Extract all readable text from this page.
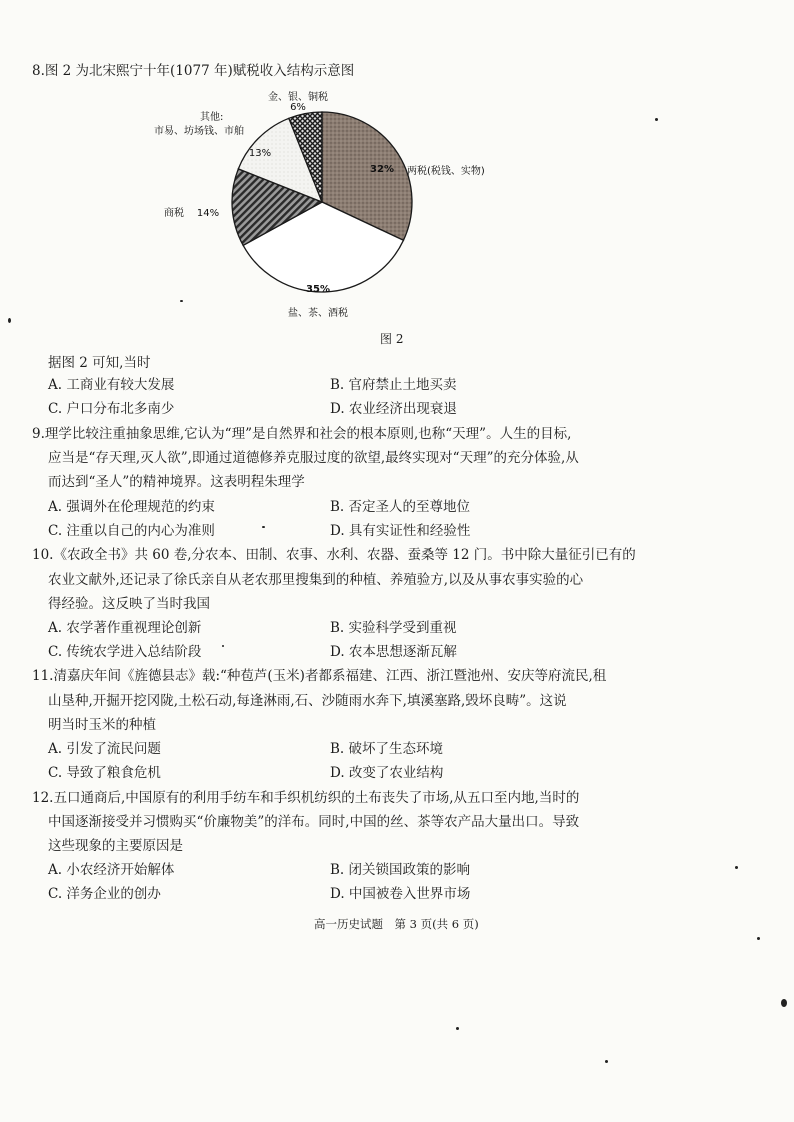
8.图 2 为北宋熙宁十年(1077 年)赋税收入结构示意图
32%
35%
14%
13%
6%
两税(税钱、实物)
盐、茶、酒税
商税
其他:
市易、坊场钱、市舶
金、银、铜税
图 2
据图 2 可知,当时
A. 工商业有较大发展	B. 官府禁止土地买卖
C. 户口分布北多南少	D. 农业经济出现衰退
9.理学比较注重抽象思维,它认为“理”是自然界和社会的根本原则,也称“天理”。人生的目标,
应当是“存天理,灭人欲”,即通过道德修养克服过度的欲望,最终实现对“天理”的充分体验,从
而达到“圣人”的精神境界。这表明程朱理学
A. 强调外在伦理规范的约束	B. 否定圣人的至尊地位
C. 注重以自己的内心为准则	D. 具有实证性和经验性
10.《农政全书》共 60 卷,分农本、田制、农事、水利、农器、蚕桑等 12 门。书中除大量征引已有的
农业文献外,还记录了徐氏亲自从老农那里搜集到的种植、养殖验方,以及从事农事实验的心
得经验。这反映了当时我国
A. 农学著作重视理论创新	B. 实验科学受到重视
C. 传统农学进入总结阶段	D. 农本思想逐渐瓦解
11.清嘉庆年间《旌德县志》载:“种苞芦(玉米)者都系福建、江西、浙江暨池州、安庆等府流民,租
山垦种,开掘开挖冈陇,土松石动,每逢淋雨,石、沙随雨水奔下,填溪塞路,毁坏良畴”。这说
明当时玉米的种植
A. 引发了流民问题	B. 破坏了生态环境
C. 导致了粮食危机	D. 改变了农业结构
12.五口通商后,中国原有的利用手纺车和手织机纺织的土布丧失了市场,从五口至内地,当时的
中国逐渐接受并习惯购买“价廉物美”的洋布。同时,中国的丝、茶等农产品大量出口。导致
这些现象的主要原因是
A. 小农经济开始解体	B. 闭关锁国政策的影响
C. 洋务企业的创办	D. 中国被卷入世界市场
高一历史试题　第 3 页(共 6 页)
